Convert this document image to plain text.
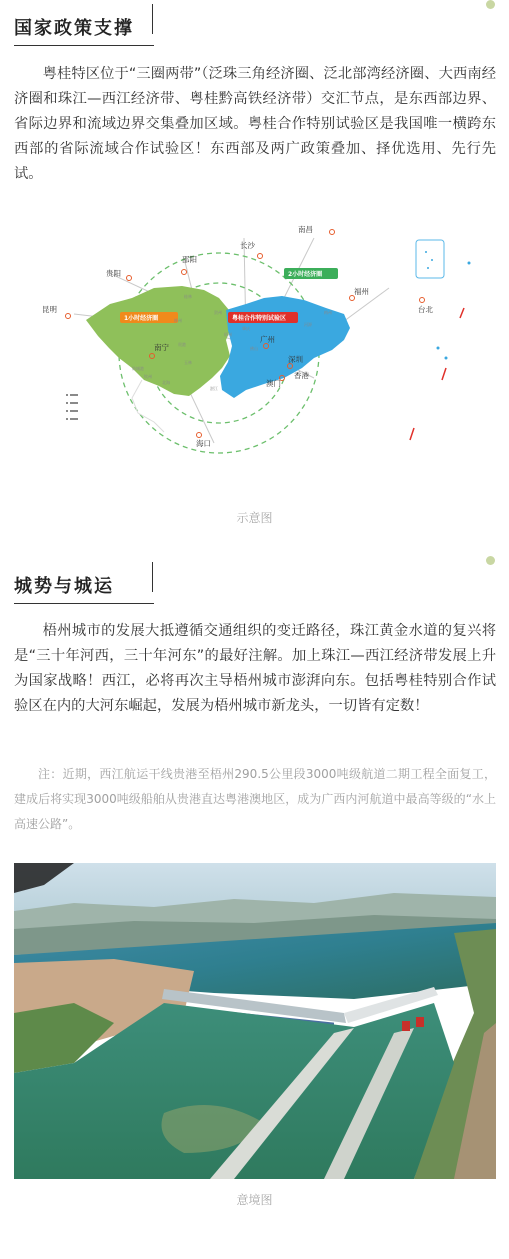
国家政策支撑
粤桂特区位于“三圈两带”（泛珠三角经济圈、泛北部湾经济圈、大西南经济圈和珠江—西江经济带、粤桂黔高铁经济带）交汇节点，是东西部边界、省际边界和流域边界交集叠加区域。粤桂合作特别试验区是我国唯一横跨东西部的省际流域合作试验区！东西部及两广政策叠加、择优选用、先行先试。
1小时经济圈
2小时经济圈
粤桂合作特别试验区
南昌
长沙
邵阳
贵阳
昆明
福州
台北
南宁
广州
深圳
香港
澳门
海口
桂林
柳州
梧州
肇庆
佛山
河源
梅州
钦州
北海
防城港
玉林
贵港
贺州
湛江
示意图
城势与城运
梧州城市的发展大抵遵循交通组织的变迁路径，珠江黄金水道的复兴将是“三十年河西，三十年河东”的最好注解。加上珠江—西江经济带发展上升为国家战略！西江，必将再次主导梧州城市澎湃向东。包括粤桂特别合作试验区在内的大河东崛起，发展为梧州城市新龙头，一切皆有定数！
注：近期，西江航运干线贵港至梧州290.5公里段3000吨级航道二期工程全面复工，建成后将实现3000吨级船舶从贵港直达粤港澳地区，成为广西内河航道中最高等级的“水上高速公路”。
意境图
